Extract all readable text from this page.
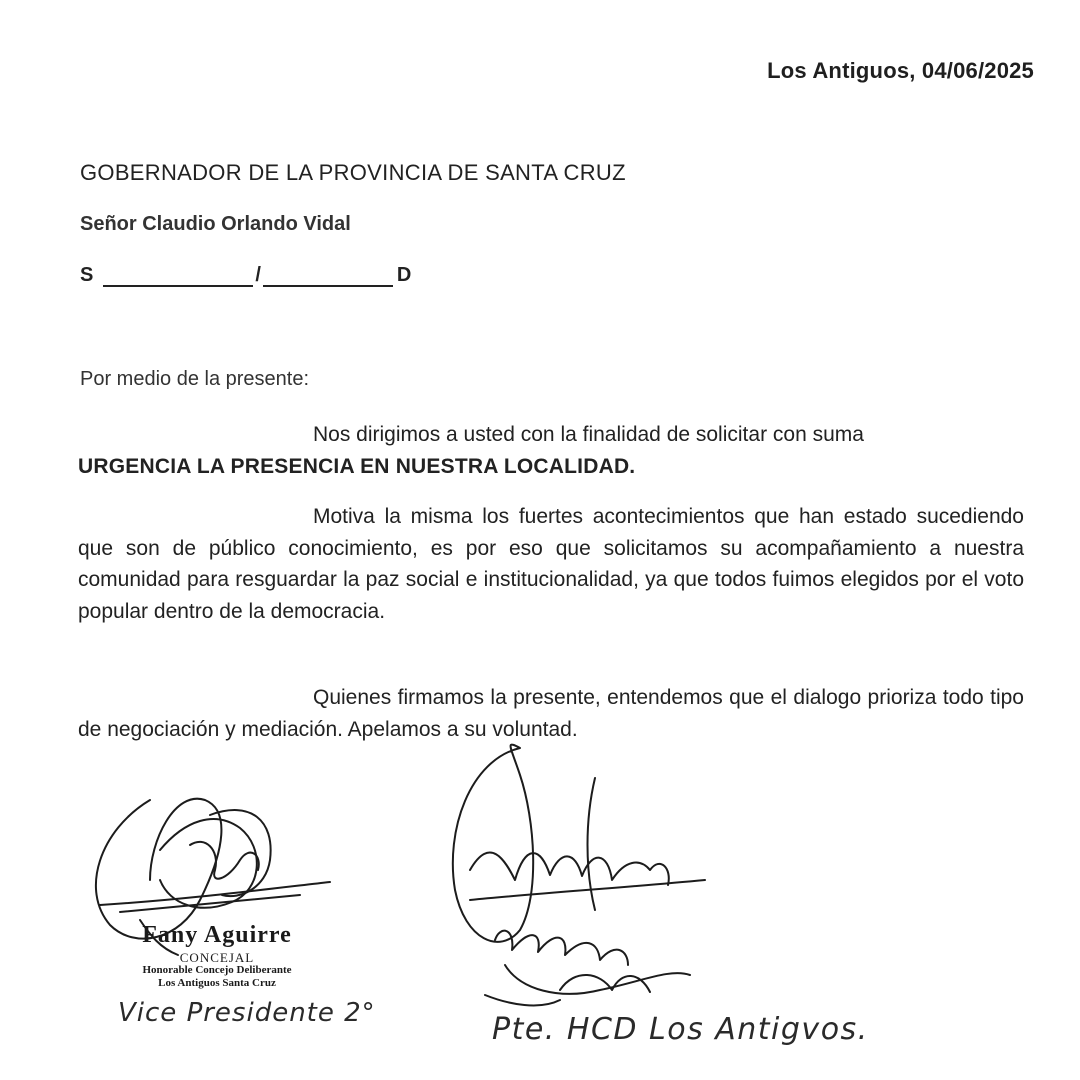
Los Antiguos, 04/06/2025
GOBERNADOR DE LA PROVINCIA DE SANTA CRUZ
Señor Claudio Orlando Vidal
S	/	D
Por medio de la presente:
Nos dirigimos a usted con la finalidad de solicitar con suma
URGENCIA LA PRESENCIA EN NUESTRA LOCALIDAD.
Motiva la misma los fuertes acontecimientos que han estado sucediendo que son de público conocimiento, es por eso que solicitamos su acompañamiento a nuestra comunidad para resguardar la paz social e institucionalidad, ya que todos fuimos elegidos por el voto popular dentro de la democracia.
Quienes firmamos la presente, entendemos que el dialogo prioriza todo tipo de negociación y mediación. Apelamos a su voluntad.
Fany Aguirre
CONCEJAL
Honorable Concejo Deliberante
Los Antiguos Santa Cruz
Vice Presidente 2°	Pte. HCD Los Antigvos.
